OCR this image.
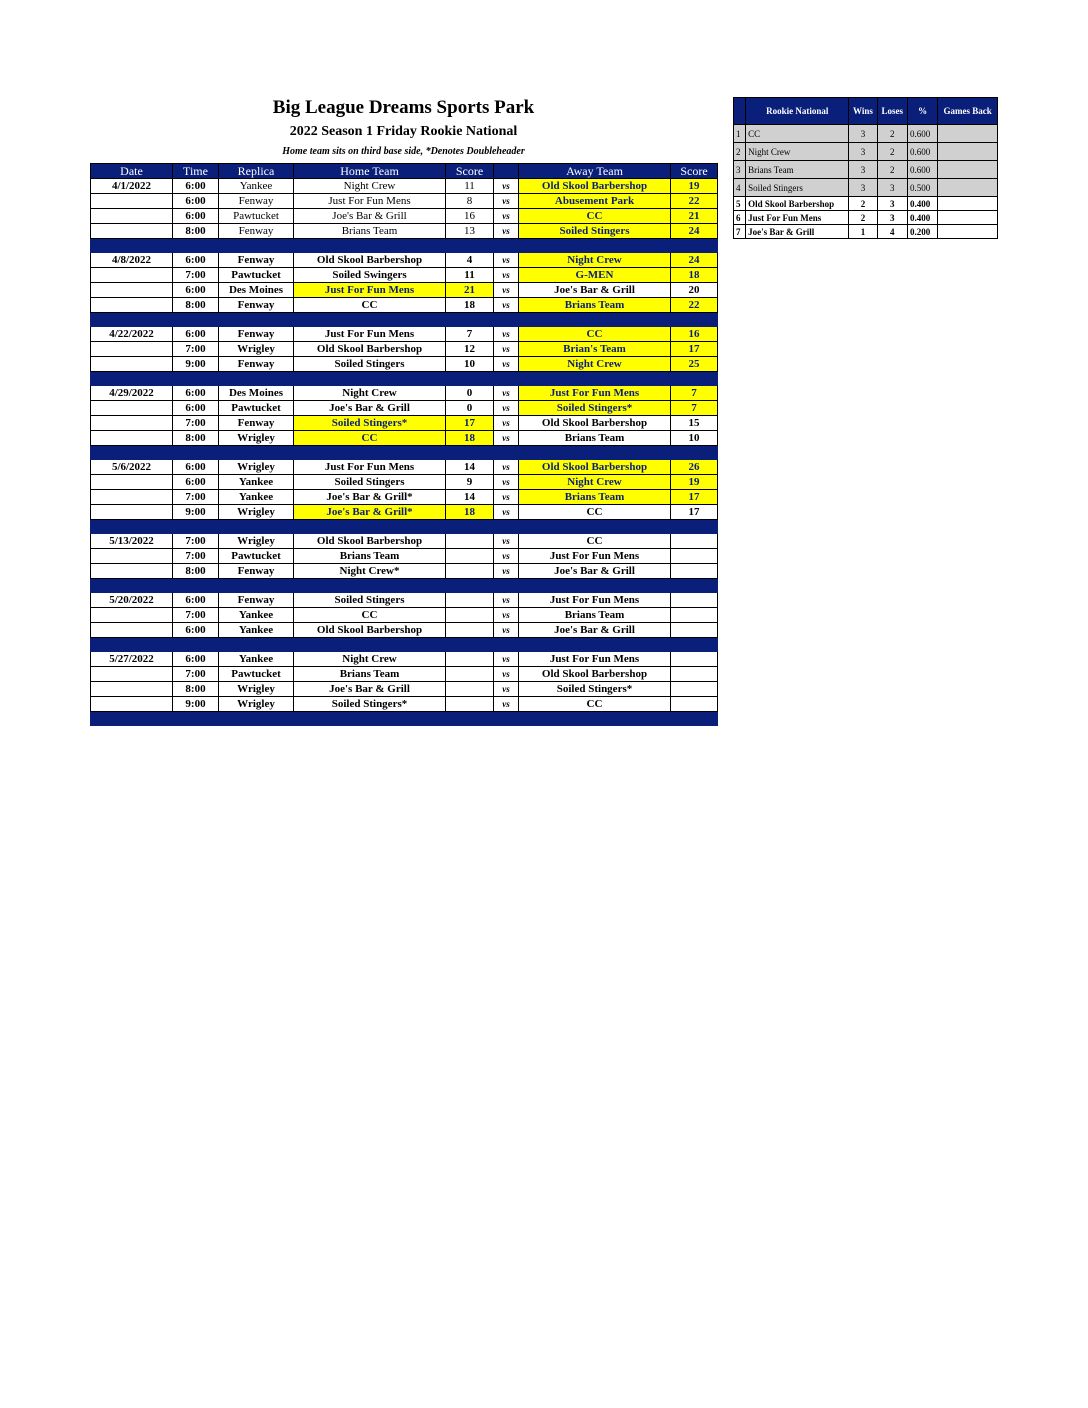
Big League Dreams Sports Park
2022 Season 1 Friday Rookie National
Home team sits on third base side, *Denotes Doubleheader
Date	Time	Replica	Home Team	Score		Away Team	Score
4/1/2022	6:00	Yankee	Night Crew	11	vs	Old Skool Barbershop	19
	6:00	Fenway	Just For Fun Mens	8	vs	Abusement Park	22
	6:00	Pawtucket	Joe's Bar & Grill	16	vs	CC	21
	8:00	Fenway	Brians Team	13	vs	Soiled Stingers	24

4/8/2022	6:00	Fenway	Old Skool Barbershop	4	vs	Night Crew	24
	7:00	Pawtucket	Soiled Swingers	11	vs	G-MEN	18
	6:00	Des Moines	Just For Fun Mens	21	vs	Joe's Bar & Grill	20
	8:00	Fenway	CC	18	vs	Brians Team	22

4/22/2022	6:00	Fenway	Just For Fun Mens	7	vs	CC	16
	7:00	Wrigley	Old Skool Barbershop	12	vs	Brian's Team	17
	9:00	Fenway	Soiled Stingers	10	vs	Night Crew	25

4/29/2022	6:00	Des Moines	Night Crew	0	vs	Just For Fun Mens	7
	6:00	Pawtucket	Joe's Bar & Grill	0	vs	Soiled Stingers*	7
	7:00	Fenway	Soiled Stingers*	17	vs	Old Skool Barbershop	15
	8:00	Wrigley	CC	18	vs	Brians Team	10

5/6/2022	6:00	Wrigley	Just For Fun Mens	14	vs	Old Skool Barbershop	26
	6:00	Yankee	Soiled Stingers	9	vs	Night Crew	19
	7:00	Yankee	Joe's Bar & Grill*	14	vs	Brians Team	17
	9:00	Wrigley	Joe's Bar & Grill*	18	vs	CC	17

5/13/2022	7:00	Wrigley	Old Skool Barbershop		vs	CC	
	7:00	Pawtucket	Brians Team		vs	Just For Fun Mens	
	8:00	Fenway	Night Crew*		vs	Joe's Bar & Grill	

5/20/2022	6:00	Fenway	Soiled Stingers		vs	Just For Fun Mens	
	7:00	Yankee	CC		vs	Brians Team	
	6:00	Yankee	Old Skool Barbershop		vs	Joe's Bar & Grill	

5/27/2022	6:00	Yankee	Night Crew		vs	Just For Fun Mens	
	7:00	Pawtucket	Brians Team		vs	Old Skool Barbershop	
	8:00	Wrigley	Joe's Bar & Grill		vs	Soiled Stingers*	
	9:00	Wrigley	Soiled Stingers*		vs	CC	

	Rookie National	Wins	Loses	%	Games Back
1	CC	3	2	0.600	
2	Night Crew	3	2	0.600	
3	Brians Team	3	2	0.600	
4	Soiled Stingers	3	3	0.500	
5	Old Skool Barbershop	2	3	0.400	
6	Just For Fun Mens	2	3	0.400	
7	Joe's Bar & Grill	1	4	0.200	
